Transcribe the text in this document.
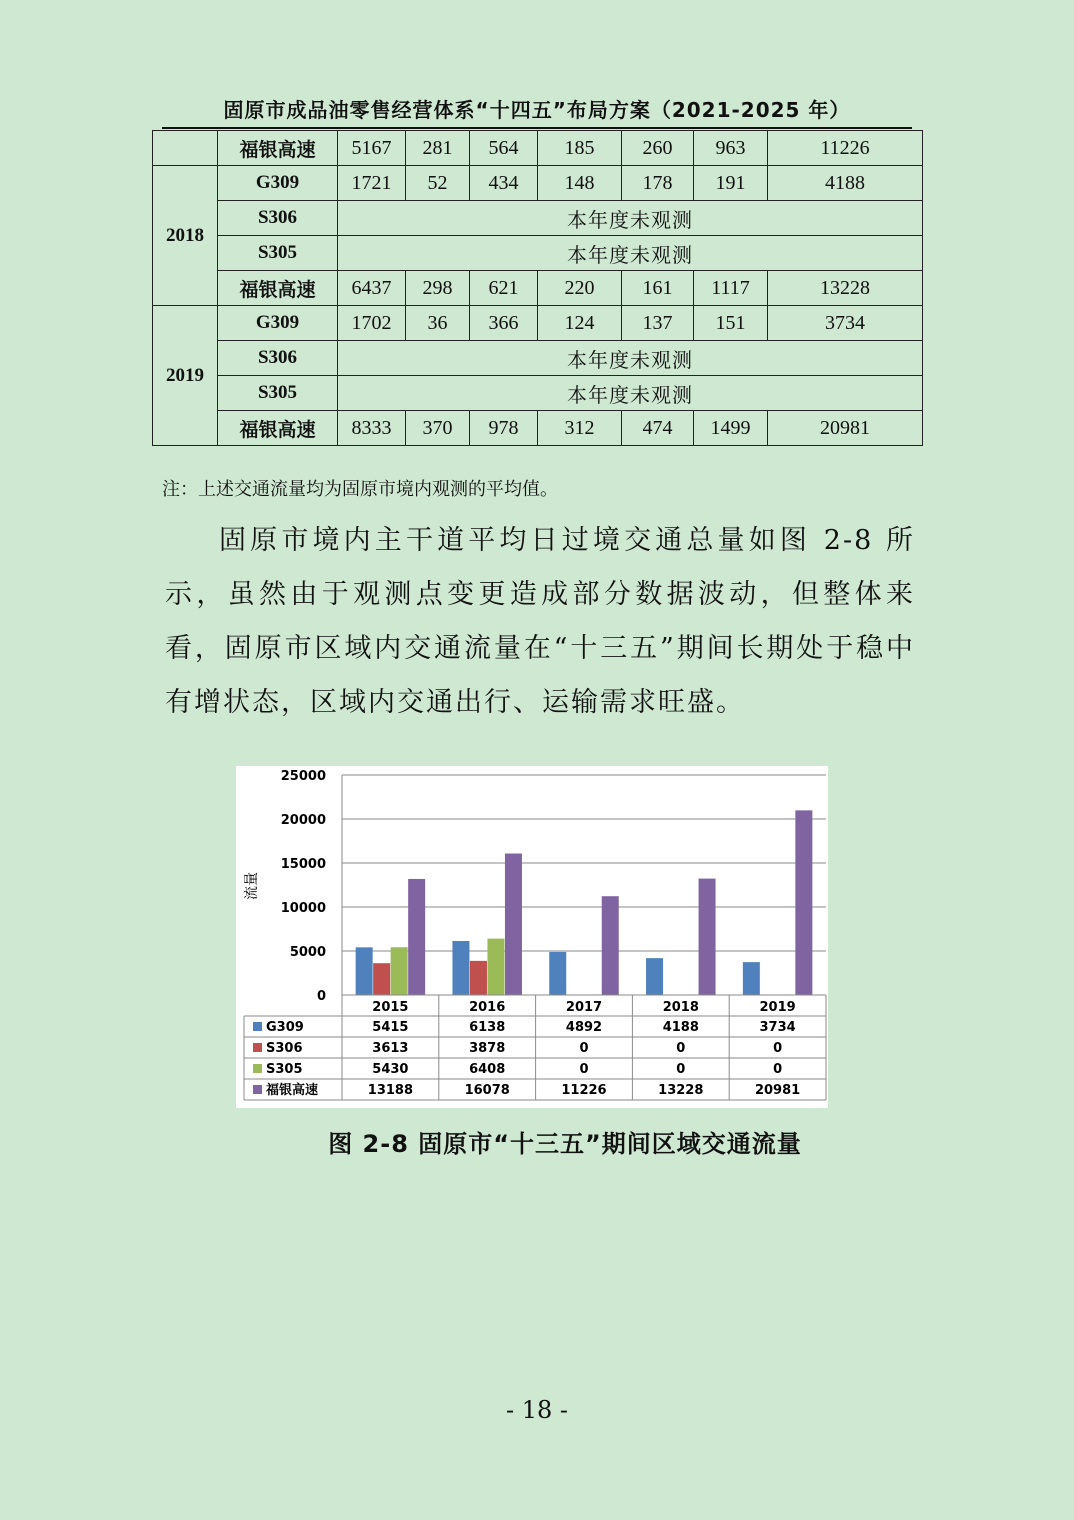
固原市成品油零售经营体系“十四五”布局方案（2021-2025 年）
	福银高速	5167	281	564	185	260	963	11226
2018	G309	1721	52	434	148	178	191	4188
	S306	本年度未观测						
	S305	本年度未观测						
	福银高速	6437	298	621	220	161	1117	13228
2019	G309	1702	36	366	124	137	151	3734
	S306	本年度未观测						
	S305	本年度未观测						
	福银高速	8333	370	978	312	474	1499	20981
注：上述交通流量均为固原市境内观测的平均值。

固原市境内主干道平均日过境交通总量如图 2-8 所示，虽然由于观测点变更造成部分数据波动，但整体来看，固原市区域内交通流量在“十三五”期间长期处于稳中有增状态，区域内交通出行、运输需求旺盛。

0
5000
10000
15000
20000
25000
流量
2015	2016	2017	2018	2019
G309	5415	6138	4892	4188	3734
S306	3613	3878	0	0	0
S305	5430	6408	0	0	0
福银高速	13188	16078	11226	13228	20981
图 2-8 固原市“十三五”期间区域交通流量
- 18 -
